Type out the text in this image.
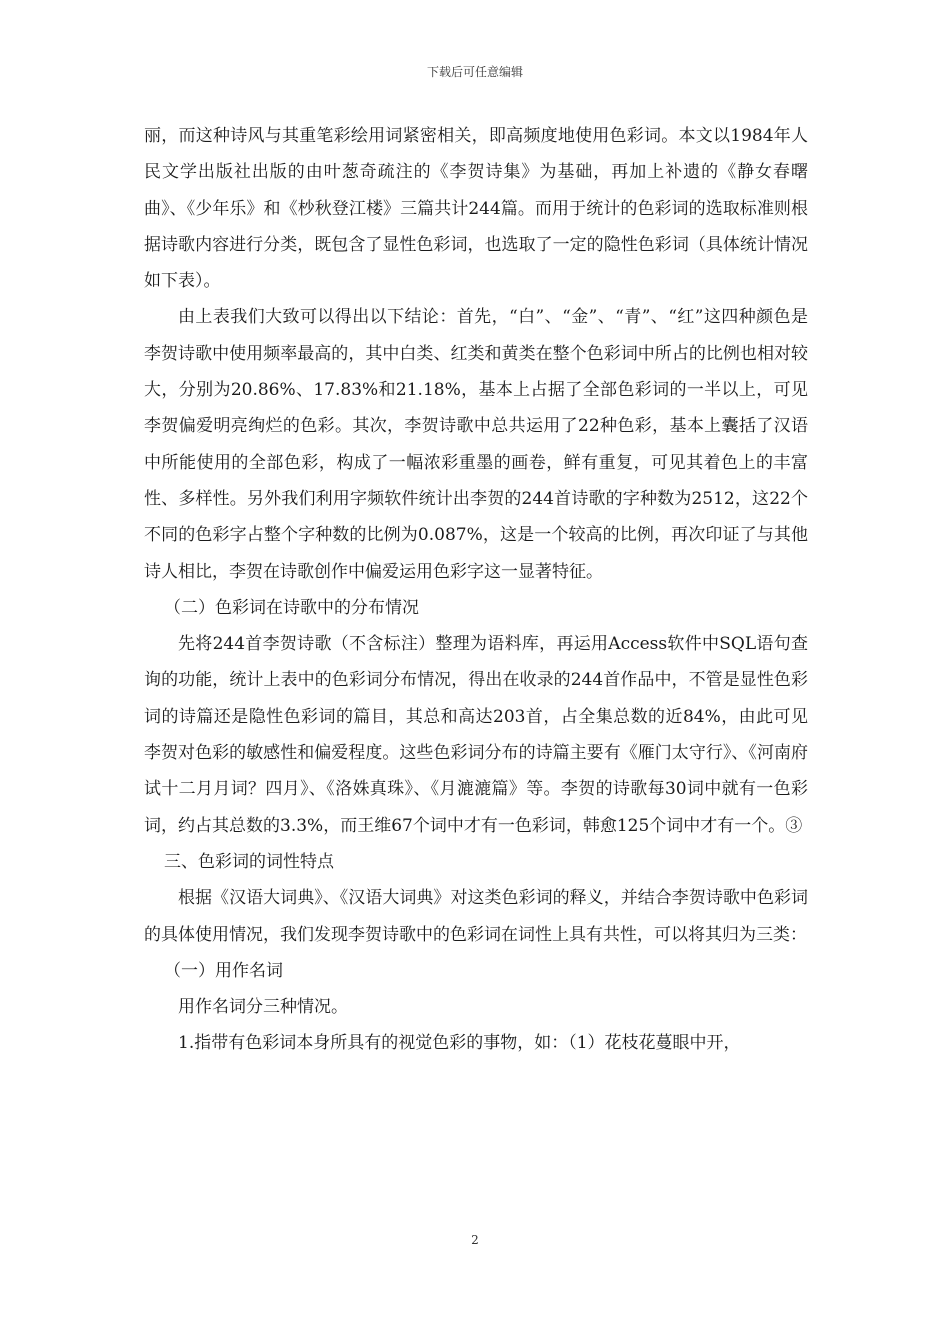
下载后可任意编辑

丽，而这种诗风与其重笔彩绘用词紧密相关，即高频度地使用色彩词。本文以1984年人民文学出版社出版的由叶葱奇疏注的《李贺诗集》为基础，再加上补遗的《静女春曙曲》、《少年乐》和《杪秋登江楼》三篇共计244篇。而用于统计的色彩词的选取标准则根据诗歌内容进行分类，既包含了显性色彩词，也选取了一定的隐性色彩词（具体统计情况如下表）。

由上表我们大致可以得出以下结论：首先，“白”、“金”、“青”、“红”这四种颜色是李贺诗歌中使用频率最高的，其中白类、红类和黄类在整个色彩词中所占的比例也相对较大，分别为20.86%、17.83%和21.18%，基本上占据了全部色彩词的一半以上，可见李贺偏爱明亮绚烂的色彩。其次，李贺诗歌中总共运用了22种色彩，基本上囊括了汉语中所能使用的全部色彩，构成了一幅浓彩重墨的画卷，鲜有重复，可见其着色上的丰富性、多样性。另外我们利用字频软件统计出李贺的244首诗歌的字种数为2512，这22个不同的色彩字占整个字种数的比例为0.087%，这是一个较高的比例，再次印证了与其他诗人相比，李贺在诗歌创作中偏爱运用色彩字这一显著特征。

（二）色彩词在诗歌中的分布情况

先将244首李贺诗歌（不含标注）整理为语料库，再运用Access软件中SQL语句查询的功能，统计上表中的色彩词分布情况，得出在收录的244首作品中，不管是显性色彩词的诗篇还是隐性色彩词的篇目，其总和高达203首，占全集总数的近84%，由此可见李贺对色彩的敏感性和偏爱程度。这些色彩词分布的诗篇主要有《雁门太守行》、《河南府试十二月月词？四月》、《洛姝真珠》、《月漉漉篇》等。李贺的诗歌每30词中就有一色彩词，约占其总数的3.3%，而王维67个词中才有一色彩词，韩愈125个词中才有一个。③

三、色彩词的词性特点

根据《汉语大词典》、《汉语大词典》对这类色彩词的释义，并结合李贺诗歌中色彩词的具体使用情况，我们发现李贺诗歌中的色彩词在词性上具有共性，可以将其归为三类：

（一）用作名词

用作名词分三种情况。

1.指带有色彩词本身所具有的视觉色彩的事物，如：（1）花枝花蔓眼中开，

2
